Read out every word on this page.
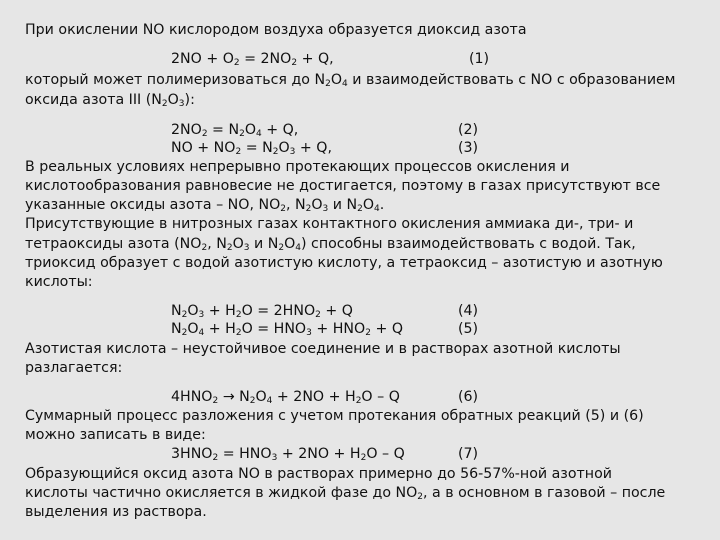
При окислении NO кислородом воздуха образуется диоксид азота
$2NO + O_2 = 2NO_2 + Q$,	(1)
который может полимеризоваться до $N_2O_4$ и взаимодействовать с NO с образованием
оксида азота III $(N_2O_3)$:
$2NO_2 = N_2O_4 + Q$,	(2)
NO + $NO_2 = N_2O_3 + Q$,	(3)
В реальных условиях непрерывно протекающих процессов окисления и
кислотообразования равновесие не достигается, поэтому в газах присутствуют все
указанные оксиды азота – NO, $NO_2$, $N_2O_3$ и $N_2O_4$.
Присутствующие в нитрозных газах контактного окисления аммиака ди-, три- и
тетраоксиды азота ($NO_2$, $N_2O_3$ и $N_2O_4$) способны взаимодействовать с водой. Так,
триоксид образует с водой азотистую кислоту, а тетраоксид – азотистую и азотную
кислоты:
$N_2O_3 + H_2O = 2HNO_2 + Q$	(4)
$N_2O_4 + H_2O = HNO_3 + HNO_2 + Q$	(5)
Азотистая кислота – неустойчивое соединение и в растворах азотной кислоты
разлагается:
$4HNO_2 \to N_2O_4 + 2NO + H_2O - Q$	(6)
Суммарный процесс разложения с учетом протекания обратных реакций (5) и (6)
можно записать в виде:
$3HNO_2 = HNO_3 + 2NO + H_2O - Q$	(7)
Образующийся оксид азота NO в растворах примерно до 56-57%-ной азотной
кислоты частично окисляется в жидкой фазе до $NO_2$, а в основном в газовой – после
выделения из раствора.
